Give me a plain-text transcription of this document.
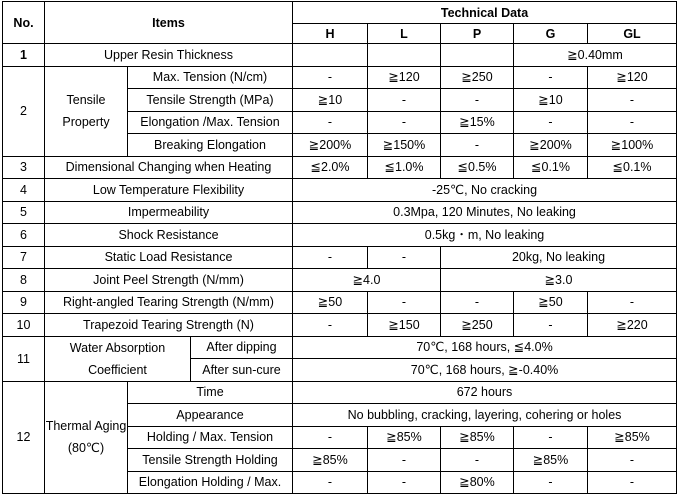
No.	Items			Technical Data				
				H	L	P	G	GL
1	Upper Resin Thickness						≧0.40mm	
2	Tensile Property	Max. Tension (N/cm)		-	≧120	≧250	-	≧120
		Tensile Strength (MPa)		≧10	-	-	≧10	-
		Elongation /Max. Tension		-	-	≧15%	-	-
		Breaking Elongation		≧200%	≧150%	-	≧200%	≧100%
3	Dimensional Changing when Heating			≦2.0%	≦1.0%	≦0.5%	≦0.1%	≦0.1%
4	Low Temperature Flexibility			-25℃, No cracking				
5	Impermeability			0.3Mpa, 120 Minutes, No leaking				
6	Shock Resistance			0.5kg・m, No leaking				
7	Static Load Resistance			-	-	20kg, No leaking		
8	Joint Peel Strength (N/mm)			≧4.0		≧3.0		
9	Right-angled Tearing Strength (N/mm)			≧50	-	-	≧50	-
10	Trapezoid Tearing Strength (N)			-	≧150	≧250	-	≧220
11	Water Absorption Coefficient		After dipping	70℃, 168 hours, ≦4.0%				
			After sun-cure	70℃, 168 hours, ≧-0.40%				
12	Thermal Aging (80℃)	Time		672 hours				
		Appearance		No bubbling, cracking, layering, cohering or holes				
		Holding / Max. Tension		-	≧85%	≧85%	-	≧85%
		Tensile Strength Holding		≧85%	-	-	≧85%	-
		Elongation Holding / Max.		-	-	≧80%	-	-
